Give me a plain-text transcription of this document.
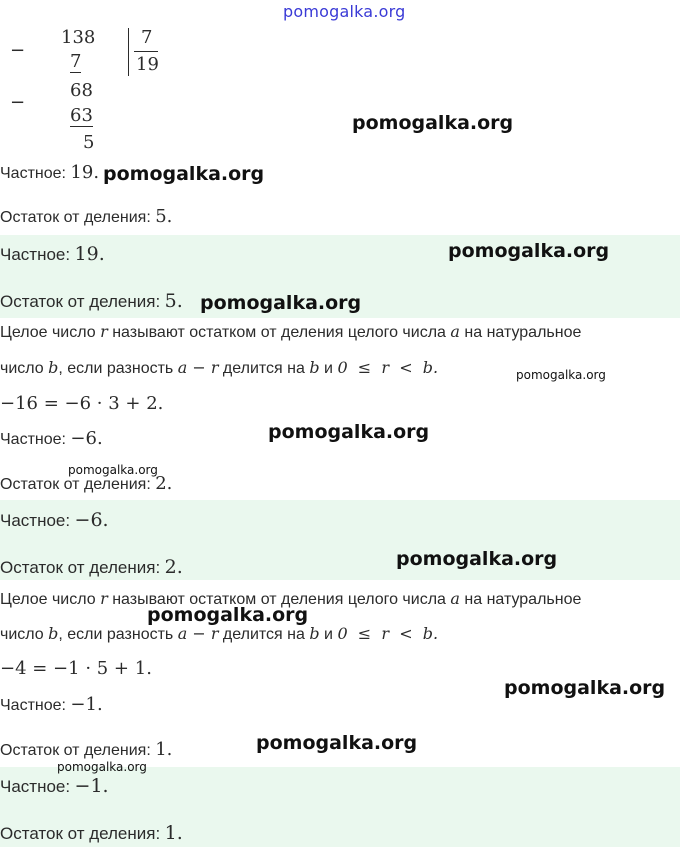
pomogalka.org
−
138
7
−
68
63
5
7
19
Частное: 19.
Остаток от деления: 5.
Частное: 19.
Остаток от деления: 5.
Целое число r называют остатком от деления целого числа a на натуральное
число b, если разность a − r делится на b и 0  ≤  r  <  b.
−16 = −6 · 3 + 2.
Частное: −6.
Остаток от деления: 2.
Частное: −6.
Остаток от деления: 2.
Целое число r называют остатком от деления целого числа a на натуральное
число b, если разность a − r делится на b и 0  ≤  r  <  b.
−4 = −1 · 5 + 1.
Частное: −1.
Остаток от деления: 1.
Частное: −1.
Остаток от деления: 1.
pomogalka.org
pomogalka.org
pomogalka.org
pomogalka.org
pomogalka.org
pomogalka.org
pomogalka.org
pomogalka.org
pomogalka.org
pomogalka.org
pomogalka.org
pomogalka.org
